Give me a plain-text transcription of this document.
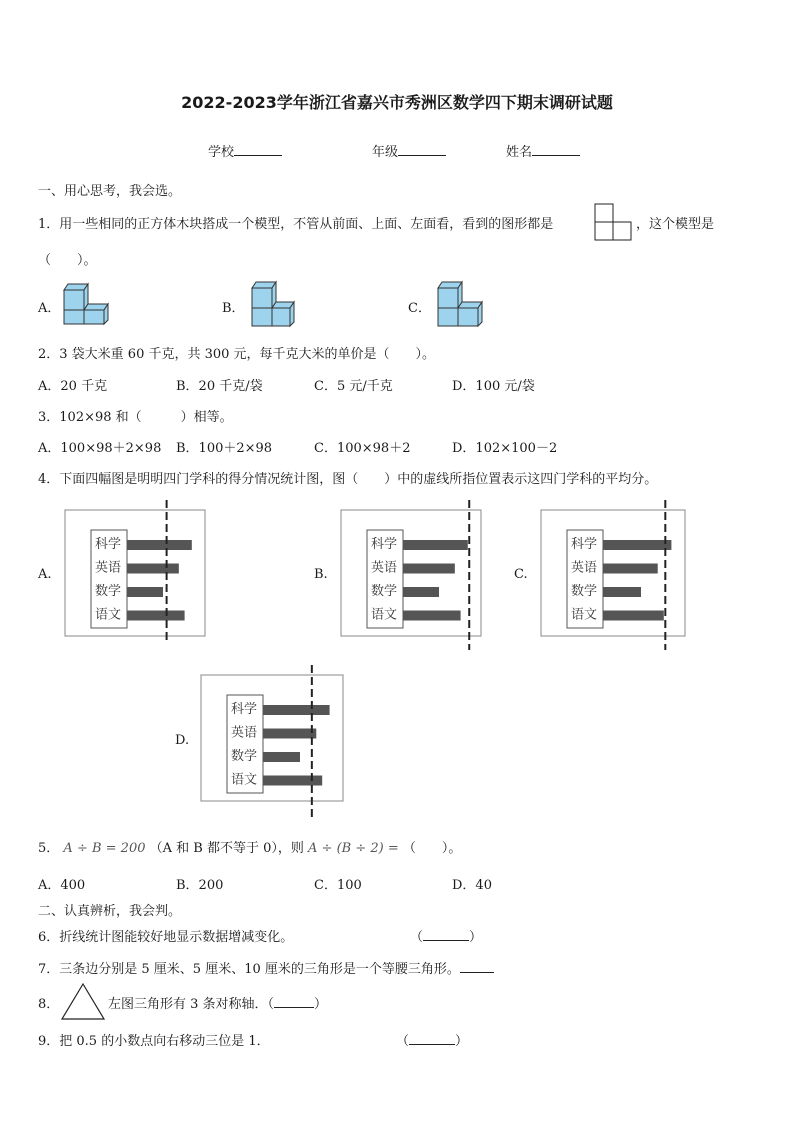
2022-2023学年浙江省嘉兴市秀洲区数学四下期末调研试题
学校	年级	姓名
一、用心思考，我会选。
1．用一些相同的正方体木块搭成一个模型，不管从前面、上面、左面看，看到的图形都是	，这个模型是
（　　）。
A．	B．	C．
2．3 袋大米重 60 千克，共 300 元，每千克大米的单价是（　　）。
A．20 千克	B．20 千克/袋	C．5 元/千克	D．100 元/袋
3．102×98 和（　　　）相等。
A．100×98＋2×98 B．100＋2×98	C．100×98＋2	D．102×100－2
4．下面四幅图是明明四门学科的得分情况统计图，图（　　）中的虚线所指位置表示这四门学科的平均分。
A.	B.	C.
D.
科学
英语
数学
语文
科学
英语
数学
语文
科学
英语
数学
语文
科学
英语
数学
语文
5． A ÷ B = 200 （A 和 B 都不等于 0），则 A ÷ (B ÷ 2) = （　　）。
A．400	B．200	C．100	D．40
二、认真辨析，我会判。
6．折线统计图能较好地显示数据增减变化。	（	）
7．三条边分别是 5 厘米、5 厘米、10 厘米的三角形是一个等腰三角形。
8．	左图三角形有 3 条对称轴．（	）
9．把 0.5 的小数点向右移动三位是 1．	（	）
